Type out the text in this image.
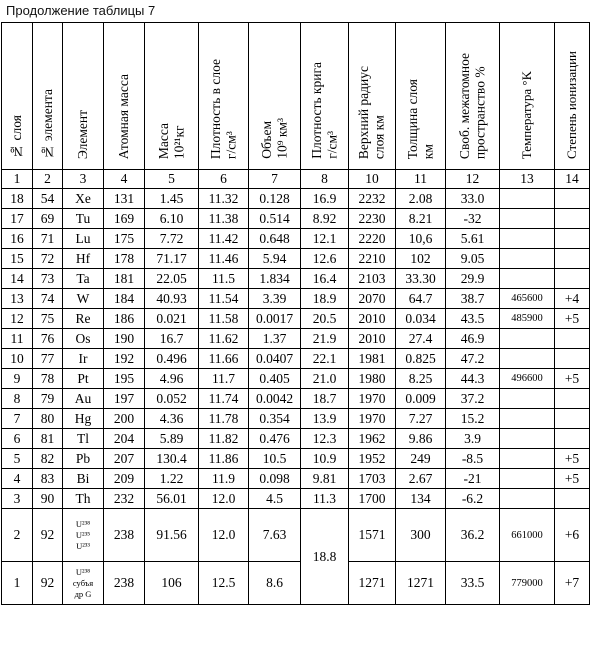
Продолжение таблицы 7
№ слоя	№ элемента	Элемент	Атомная масса	Масса 10²¹кг	Плотность в слое г/см³	Объем 10⁹ км³	Плотность крига г/см³	Верхний радиус слоя км	Толщина слоя км	Своб. межатомное пространство %	Температура °K	Степень ионизации

1	2	3	4	5	6	7	8	10	11	12	13	14
18	54	Xe	131	1.45	11.32	0.128	16.9	2232	2.08	33.0		
17	69	Tu	169	6.10	11.38	0.514	8.92	2230	8.21	-32		
16	71	Lu	175	7.72	11.42	0.648	12.1	2220	10,6	5.61		
15	72	Hf	178	71.17	11.46	5.94	12.6	2210	102	9.05		
14	73	Ta	181	22.05	11.5	1.834	16.4	2103	33.30	29.9		
13	74	W	184	40.93	11.54	3.39	18.9	2070	64.7	38.7	465600	+4
12	75	Re	186	0.021	11.58	0.0017	20.5	2010	0.034	43.5	485900	+5
11	76	Os	190	16.7	11.62	1.37	21.9	2010	27.4	46.9		
10	77	Ir	192	0.496	11.66	0.0407	22.1	1981	0.825	47.2		
9	78	Pt	195	4.96	11.7	0.405	21.0	1980	8.25	44.3	496600	+5
8	79	Au	197	0.052	11.74	0.0042	18.7	1970	0.009	37.2		
7	80	Hg	200	4.36	11.78	0.354	13.9	1970	7.27	15.2		
6	81	Tl	204	5.89	11.82	0.476	12.3	1962	9.86	3.9		
5	82	Pb	207	130.4	11.86	10.5	10.9	1952	249	-8.5		+5
4	83	Bi	209	1.22	11.9	0.098	9.81	1703	2.67	-21		+5
3	90	Th	232	56.01	12.0	4.5	11.3	1700	134	-6.2		
2	92	U²³⁸
U²³⁵
U²³³	238	91.56	12.0	7.63	18.8	1571	300	36.2	661000	+6
1	92	U²³⁸
субъя
др G	238	106	12.5	8.6		1271	1271	33.5	779000	+7
